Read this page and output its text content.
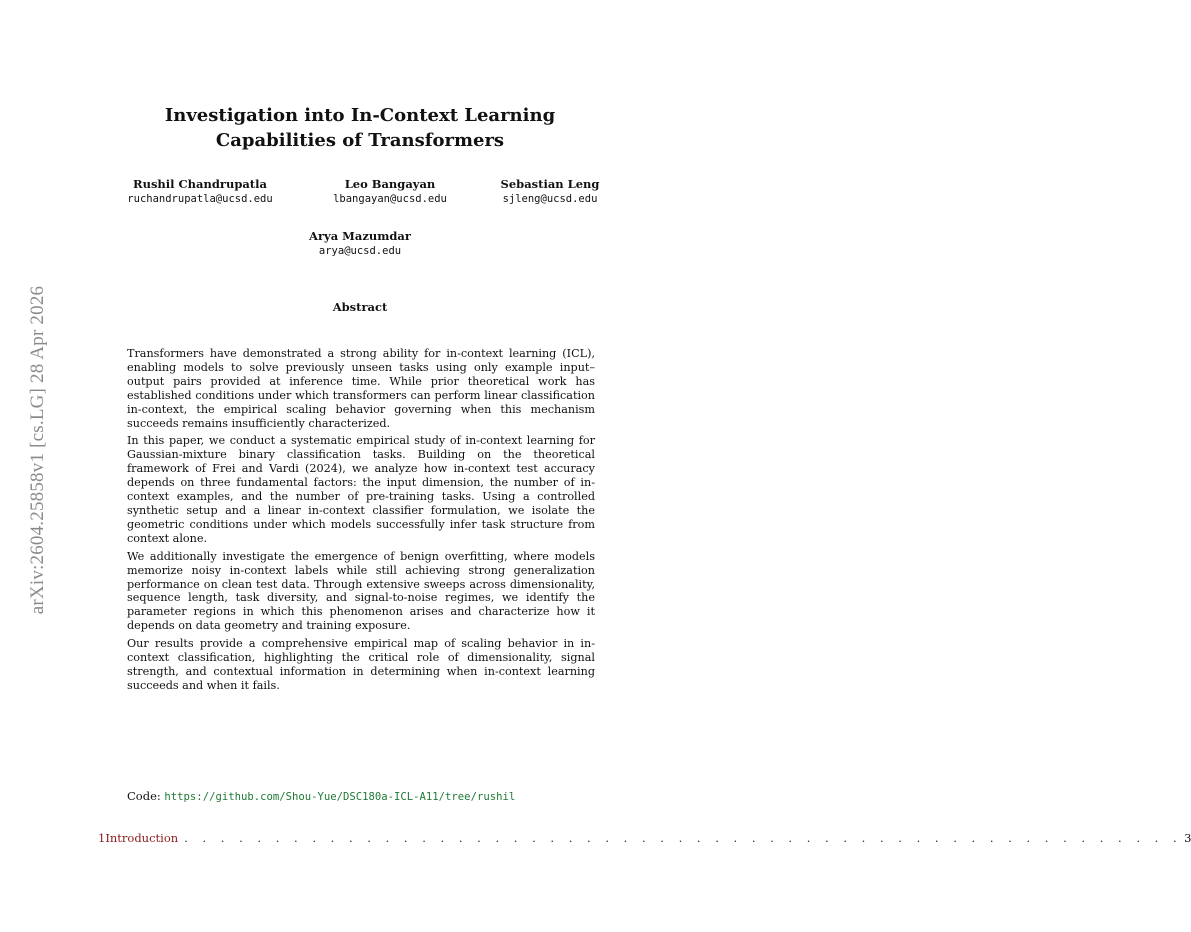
arXiv:2604.25858v1 [cs.LG] 28 Apr 2026
Investigation into In-Context Learning Capabilities of Transformers
Rushil Chandrupatla
ruchandrupatla@ucsd.edu
Leo Bangayan
lbangayan@ucsd.edu
Sebastian Leng
sjleng@ucsd.edu
Arya Mazumdar
arya@ucsd.edu
Abstract

Transformers have demonstrated a strong ability for in-context learning (ICL), enabling models to solve previously unseen tasks using only example input–output pairs provided at inference time. While prior theoretical work has established conditions under which transformers can perform linear classification in-context, the empirical scaling behavior governing when this mechanism succeeds remains insufficiently characterized.

In this paper, we conduct a systematic empirical study of in-context learning for Gaussian-mixture binary classification tasks. Building on the theoretical framework of Frei and Vardi (2024), we analyze how in-context test accuracy depends on three fundamental factors: the input dimension, the number of in-context examples, and the number of pre-training tasks. Using a controlled synthetic setup and a linear in-context classifier formulation, we isolate the geometric conditions under which models successfully infer task structure from context alone.

We additionally investigate the emergence of benign overfitting, where models memorize noisy in-context labels while still achieving strong generalization performance on clean test data. Through extensive sweeps across dimensionality, sequence length, task diversity, and signal-to-noise regimes, we identify the parameter regions in which this phenomenon arises and characterize how it depends on data geometry and training exposure.

Our results provide a comprehensive empirical map of scaling behavior in in-context classification, highlighting the critical role of dimensionality, signal strength, and contextual information in determining when in-context learning succeeds and when it fails.

Code: https://github.com/Shou-Yue/DSC180a-ICL-A11/tree/rushil
1 Introduction . . . . . . . . . . . . . . . . . . . . . . . . . . . . . . . . . . . . . . . . . . . . . . . . . . . . . . . 3
